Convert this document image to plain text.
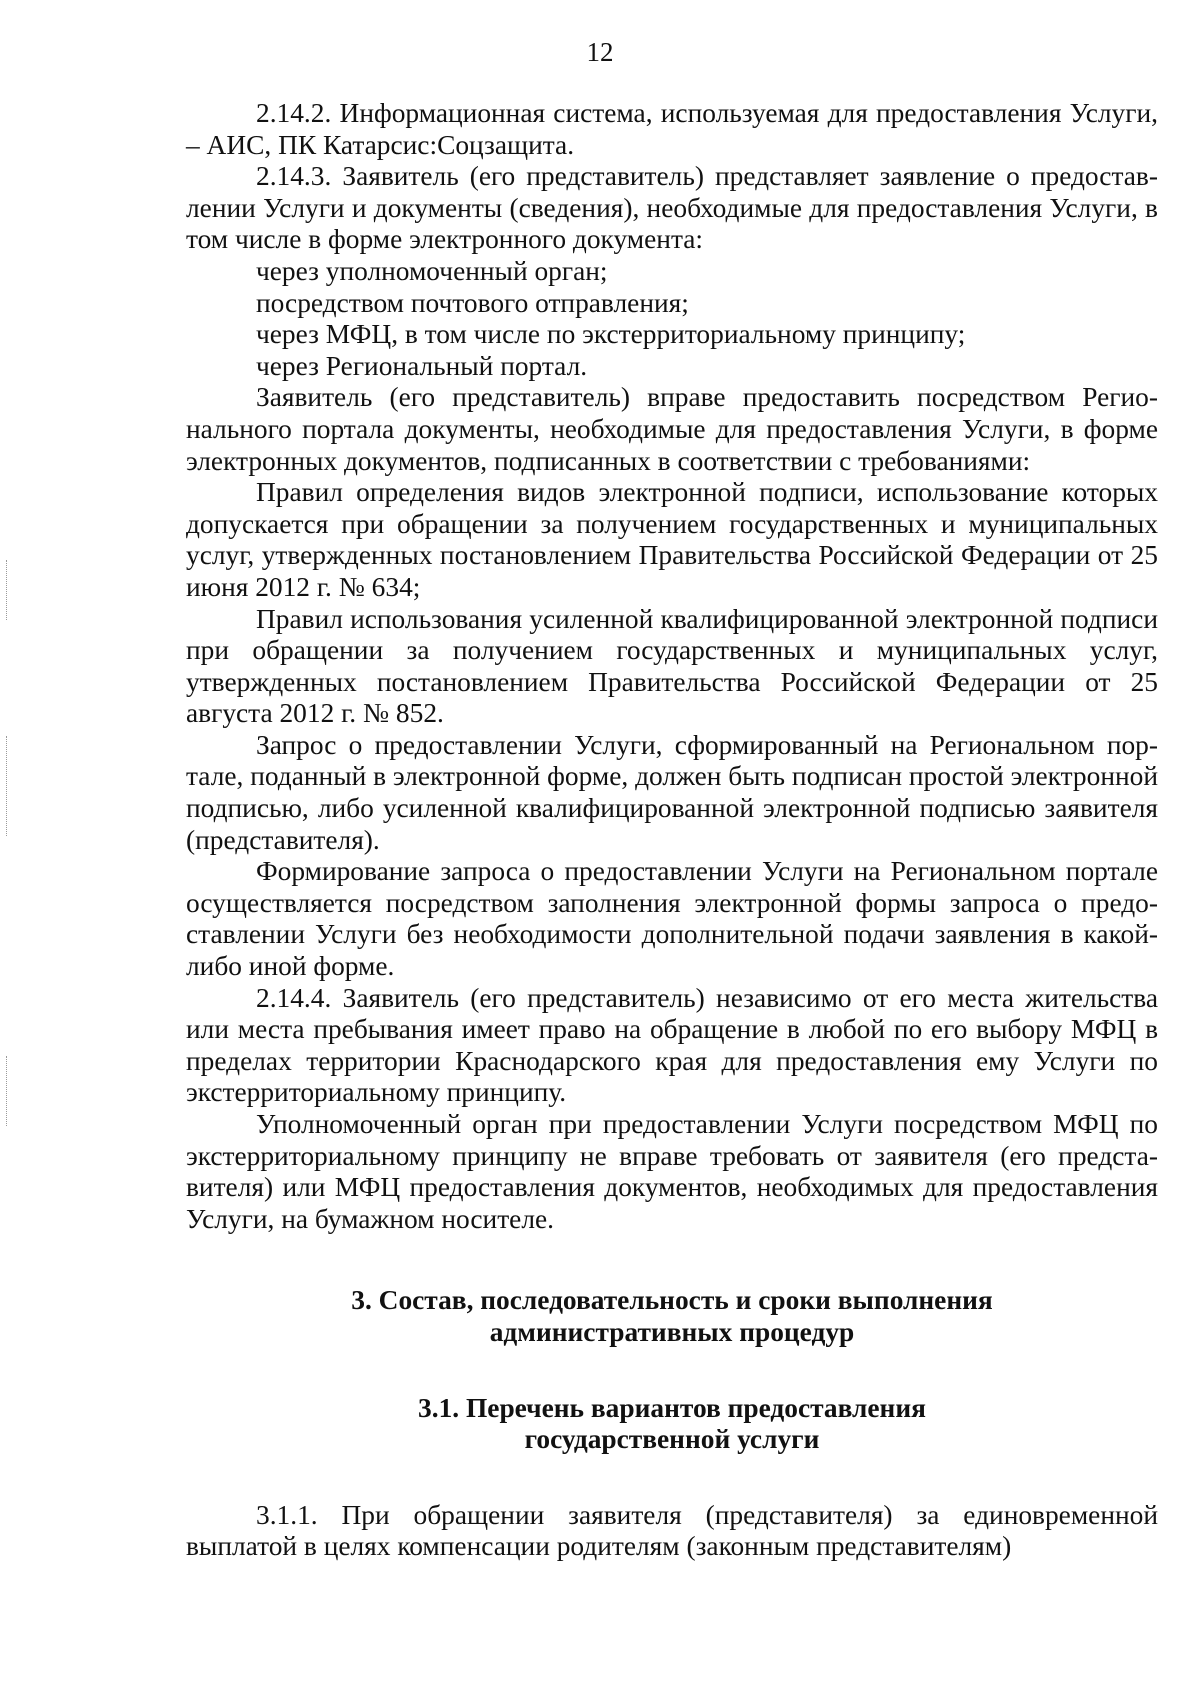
12

2.14.2. Информационная система, используемая для предоставления Услуги, – АИС, ПК Катарсис:Соцзащита.

2.14.3. Заявитель (его представитель) представляет заявление о предоставлении Услуги и документы (сведения), необходимые для предоставления Услуги, в том числе в форме электронного документа:

через уполномоченный орган;

посредством почтового отправления;

через МФЦ, в том числе по экстерриториальному принципу;

через Региональный портал.

Заявитель (его представитель) вправе предоставить посредством Регионального портала документы, необходимые для предоставления Услуги, в форме электронных документов, подписанных в соответствии с требованиями:

Правил определения видов электронной подписи, использование которых допускается при обращении за получением государственных и муниципальных услуг, утвержденных постановлением Правительства Российской Федерации от 25 июня 2012 г. № 634;

Правил использования усиленной квалифицированной электронной подписи при обращении за получением государственных и муниципальных услуг, утвержденных постановлением Правительства Российской Федерации от 25 августа 2012 г. № 852.

Запрос о предоставлении Услуги, сформированный на Региональном портале, поданный в электронной форме, должен быть подписан простой электронной подписью, либо усиленной квалифицированной электронной подписью заявителя (представителя).

Формирование запроса о предоставлении Услуги на Региональном портале осуществляется посредством заполнения электронной формы запроса о предоставлении Услуги без необходимости дополнительной подачи заявления в какой-либо иной форме.

2.14.4. Заявитель (его представитель) независимо от его места жительства или места пребывания имеет право на обращение в любой по его выбору МФЦ в пределах территории Краснодарского края для предоставления ему Услуги по экстерриториальному принципу.

Уполномоченный орган при предоставлении Услуги посредством МФЦ по экстерриториальному принципу не вправе требовать от заявителя (его представителя) или МФЦ предоставления документов, необходимых для предоставления Услуги, на бумажном носителе.

3. Состав, последовательность и сроки выполнения
административных процедур
3.1. Перечень вариантов предоставления
государственной услуги

3.1.1. При обращении заявителя (представителя) за единовременной выплатой в целях компенсации родителям (законным представителям)
